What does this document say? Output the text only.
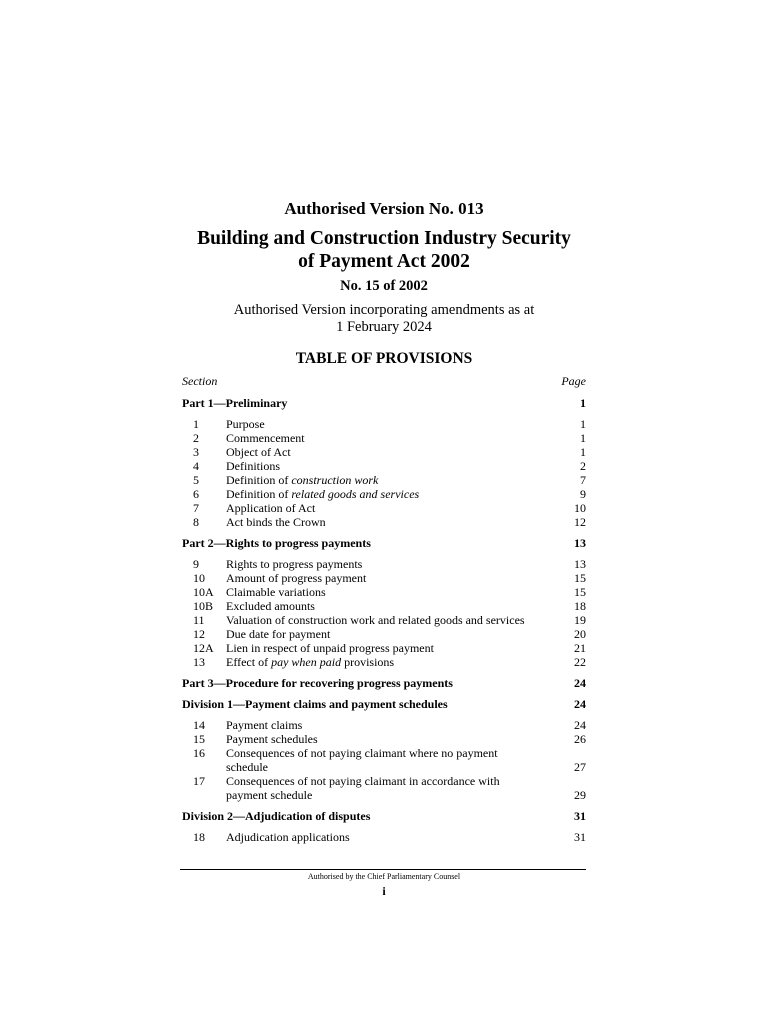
Authorised Version No. 013
Building and Construction Industry Security
of Payment Act 2002
No. 15 of 2002
Authorised Version incorporating amendments as at
1 February 2024
TABLE OF PROVISIONS
Section	Page
Part 1—Preliminary	1
1 Purpose	1
2 Commencement	1
3 Object of Act	1
4 Definitions	2
5 Definition of construction work	7
6 Definition of related goods and services	9
7 Application of Act	10
8 Act binds the Crown	12
Part 2—Rights to progress payments	13
9 Rights to progress payments	13
10 Amount of progress payment	15
10A Claimable variations	15
10B Excluded amounts	18
11 Valuation of construction work and related goods and services	19
12 Due date for payment	20
12A Lien in respect of unpaid progress payment	21
13 Effect of pay when paid provisions	22
Part 3—Procedure for recovering progress payments	24
Division 1—Payment claims and payment schedules	24
14 Payment claims	24
15 Payment schedules	26
16 Consequences of not paying claimant where no payment
schedule	27
17 Consequences of not paying claimant in accordance with
payment schedule	29
Division 2—Adjudication of disputes	31
18 Adjudication applications	31
Authorised by the Chief Parliamentary Counsel
i
